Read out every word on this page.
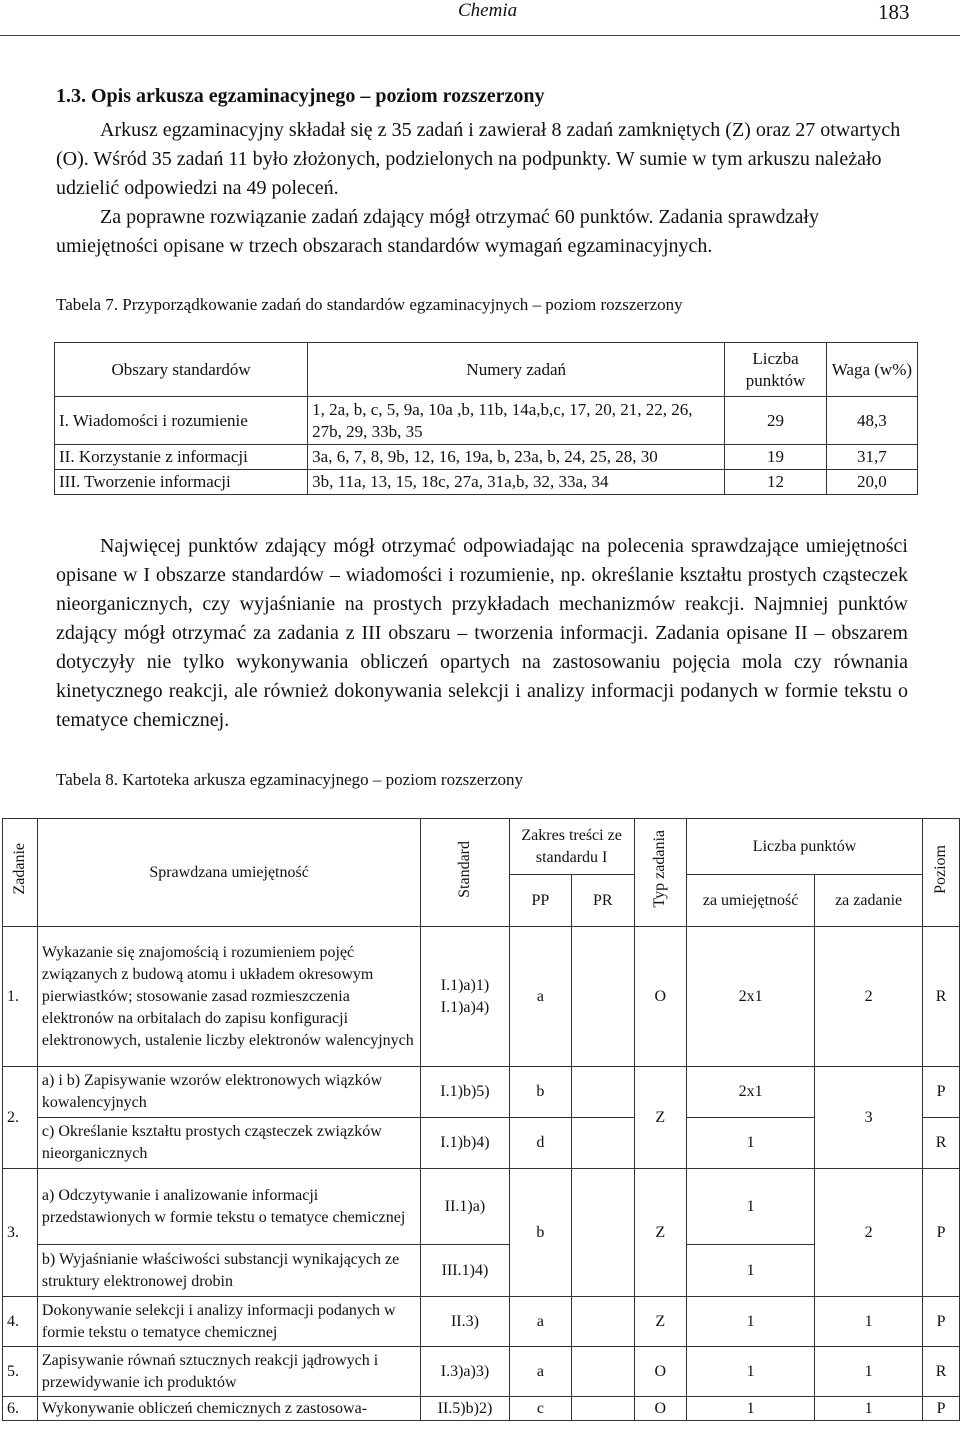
Chemia	183
1.3. Opis arkusza egzaminacyjnego – poziom rozszerzony
Arkusz egzaminacyjny składał się z 35 zadań i zawierał 8 zadań zamkniętych (Z) oraz 27 otwartych (O). Wśród 35 zadań 11 było złożonych, podzielonych na podpunkty. W sumie w tym arkuszu należało udzielić odpowiedzi na 49 poleceń.
Za poprawne rozwiązanie zadań zdający mógł otrzymać 60 punktów. Zadania sprawdzały umiejętności opisane w trzech obszarach standardów wymagań egzaminacyjnych.
Tabela 7. Przyporządkowanie zadań do standardów egzaminacyjnych – poziom rozszerzony
Obszary standardów	Numery zadań	Liczba punktów	Waga (w%)
I. Wiadomości i rozumienie	1, 2a, b, c, 5, 9a, 10a ,b, 11b, 14a,b,c, 17, 20, 21, 22, 26, 27b, 29, 33b, 35	29	48,3
II. Korzystanie z informacji	3a, 6, 7, 8, 9b, 12, 16, 19a, b, 23a, b, 24, 25, 28, 30	19	31,7
III. Tworzenie informacji	3b, 11a, 13, 15, 18c, 27a, 31a,b, 32, 33a, 34	12	20,0
Najwięcej punktów zdający mógł otrzymać odpowiadając na polecenia sprawdzające umiejętności opisane w I obszarze standardów – wiadomości i rozumienie, np. określanie kształtu prostych cząsteczek nieorganicznych, czy wyjaśnianie na prostych przykładach mechanizmów reakcji. Najmniej punktów zdający mógł otrzymać za zadania z III obszaru – tworzenia informacji. Zadania opisane II – obszarem dotyczyły nie tylko wykonywania obliczeń opartych na zastosowaniu pojęcia mola czy równania kinetycznego reakcji, ale również dokonywania selekcji i analizy informacji podanych w formie tekstu o tematyce chemicznej.
Tabela 8. Kartoteka arkusza egzaminacyjnego – poziom rozszerzony
Zadanie	Sprawdzana umiejętność	Standard	Zakres treści ze standardu I		Typ zadania	Liczba punktów		Poziom
			PP	PR		za umiejętność	za zadanie	
1.	Wykazanie się znajomością i rozumieniem pojęć związanych z budową atomu i układem okresowym pierwiastków; stosowanie zasad rozmieszczenia elektronów na orbitalach do zapisu konfiguracji elektronowych, ustalenie liczby elektronów walencyjnych	I.1)a)1) I.1)a)4)	a		O	2x1	2	R
2.	a) i b) Zapisywanie wzorów elektronowych wiązków kowalencyjnych	I.1)b)5)	b		Z	2x1	3	P
	c) Określanie kształtu prostych cząsteczek związków nieorganicznych	I.1)b)4)	d			1		R
3.	a) Odczytywanie i analizowanie informacji przedstawionych w formie tekstu o tematyce chemicznej	II.1)a)	b		Z	1	2	P
	b) Wyjaśnianie właściwości substancji wynikających ze struktury elektronowej drobin	III.1)4)				1		
4.	Dokonywanie selekcji i analizy informacji podanych w formie tekstu o tematyce chemicznej	II.3)	a		Z	1	1	P
5.	Zapisywanie równań sztucznych reakcji jądrowych i przewidywanie ich produktów	I.3)a)3)	a		O	1	1	R
6.	Wykonywanie obliczeń chemicznych z zastosowa-	II.5)b)2)	c		O	1	1	P
